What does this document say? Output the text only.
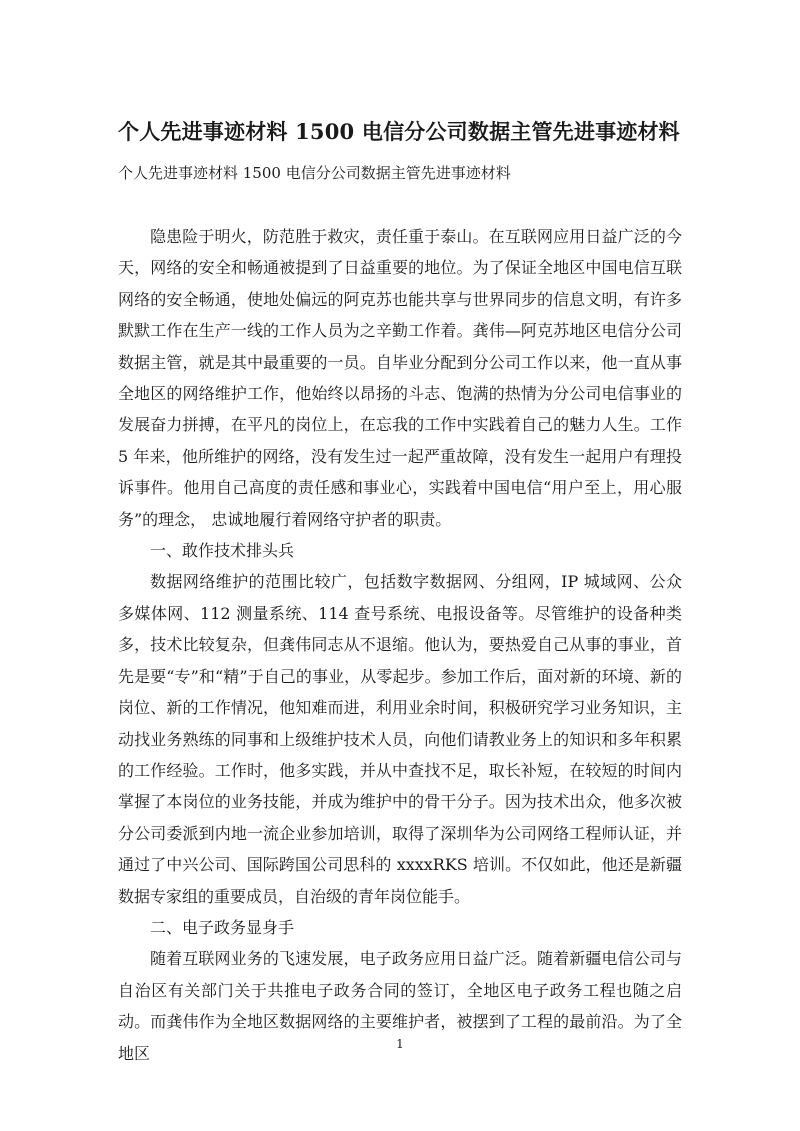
个人先进事迹材料 1500 电信分公司数据主管先进事迹材料
个人先进事迹材料 1500 电信分公司数据主管先进事迹材料

隐患险于明火，防范胜于救灾，责任重于泰山。在互联网应用日益广泛的今天，网络的安全和畅通被提到了日益重要的地位。为了保证全地区中国电信互联网络的安全畅通，使地处偏远的阿克苏也能共享与世界同步的信息文明，有许多默默工作在生产一线的工作人员为之辛勤工作着。龚伟—阿克苏地区电信分公司数据主管，就是其中最重要的一员。自毕业分配到分公司工作以来，他一直从事全地区的网络维护工作，他始终以昂扬的斗志、饱满的热情为分公司电信事业的发展奋力拼搏，在平凡的岗位上，在忘我的工作中实践着自己的魅力人生。工作 5 年来，他所维护的网络，没有发生过一起严重故障，没有发生一起用户有理投诉事件。他用自己高度的责任感和事业心，实践着中国电信“用户至上，用心服务”的理念， 忠诚地履行着网络守护者的职责。

一、敢作技术排头兵

数据网络维护的范围比较广，包括数字数据网、分组网，IP 城域网、公众多媒体网、112 测量系统、114 查号系统、电报设备等。尽管维护的设备种类多，技术比较复杂，但龚伟同志从不退缩。他认为，要热爱自己从事的事业，首先是要“专”和“精”于自己的事业，从零起步。参加工作后，面对新的环境、新的岗位、新的工作情况，他知难而进，利用业余时间，积极研究学习业务知识，主动找业务熟练的同事和上级维护技术人员，向他们请教业务上的知识和多年积累的工作经验。工作时，他多实践，并从中查找不足，取长补短，在较短的时间内掌握了本岗位的业务技能，并成为维护中的骨干分子。因为技术出众，他多次被分公司委派到内地一流企业参加培训，取得了深圳华为公司网络工程师认证，并通过了中兴公司、国际跨国公司思科的 xxxxRKS 培训。不仅如此，他还是新疆数据专家组的重要成员，自治级的青年岗位能手。

二、电子政务显身手

随着互联网业务的飞速发展，电子政务应用日益广泛。随着新疆电信公司与自治区有关部门关于共推电子政务合同的签订，全地区电子政务工程也随之启动。而龚伟作为全地区数据网络的主要维护者，被摆到了工程的最前沿。为了全地区	1
